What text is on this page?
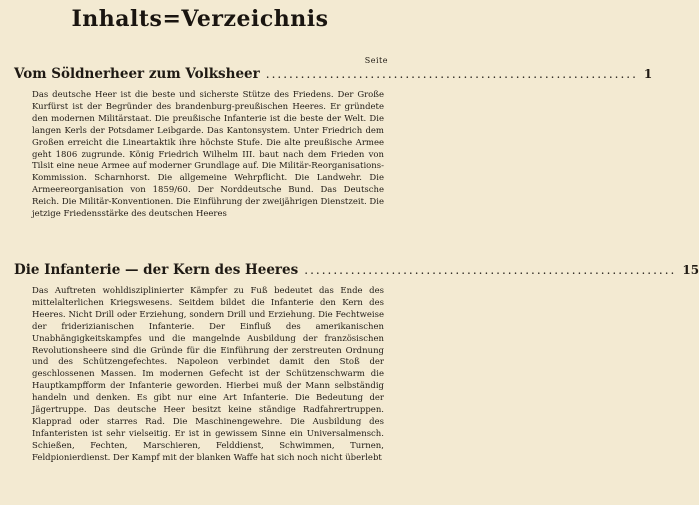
Inhalts=Verzeichnis
Seite
Vom Söldnerheer zum Volksheer ................................................................ 1
Das deutsche Heer ist die beste und sicherste Stütze des Friedens. Der Große Kurfürst ist der Begründer des brandenburg-preußischen Heeres. Er gründete den modernen Militärstaat. Die preußische Infanterie ist die beste der Welt. Die langen Kerls der Potsdamer Leibgarde. Das Kantonsystem. Unter Friedrich dem Großen erreicht die Lineartaktik ihre höchste Stufe. Die alte preußische Armee geht 1806 zugrunde. König Friedrich Wilhelm III. baut nach dem Frieden von Tilsit eine neue Armee auf moderner Grundlage auf. Die Militär-Reorganisations-Kommission. Scharnhorst. Die allgemeine Wehrpflicht. Die Landwehr. Die Armeereorganisation von 1859/60. Der Norddeutsche Bund. Das Deutsche Reich. Die Militär-Konventionen. Die Einführung der zweijährigen Dienstzeit. Die jetzige Friedensstärke des deutschen Heeres
Die Infanterie — der Kern des Heeres ................................................................ 15
Das Auftreten wohldisziplinierter Kämpfer zu Fuß bedeutet das Ende des mittelalterlichen Kriegswesens. Seitdem bildet die Infanterie den Kern des Heeres. Nicht Drill oder Erziehung, sondern Drill und Erziehung. Die Fechtweise der friderizianischen Infanterie. Der Einfluß des amerikanischen Unabhängigkeitskampfes und die mangelnde Ausbildung der französischen Revolutionsheere sind die Gründe für die Einführung der zerstreuten Ordnung und des Schützengefechtes. Napoleon verbindet damit den Stoß der geschlossenen Massen. Im modernen Gefecht ist der Schützenschwarm die Hauptkampfform der Infanterie geworden. Hierbei muß der Mann selbständig handeln und denken. Es gibt nur eine Art Infanterie. Die Bedeutung der Jägertruppe. Das deutsche Heer besitzt keine ständige Radfahrertruppen. Klapprad oder starres Rad. Die Maschinengewehre. Die Ausbildung des Infanteristen ist sehr vielseitig. Er ist in gewissem Sinne ein Universalmensch. Schießen, Fechten, Marschieren, Felddienst, Schwimmen, Turnen, Feldpionierdienst. Der Kampf mit der blanken Waffe hat sich noch nicht überlebt
